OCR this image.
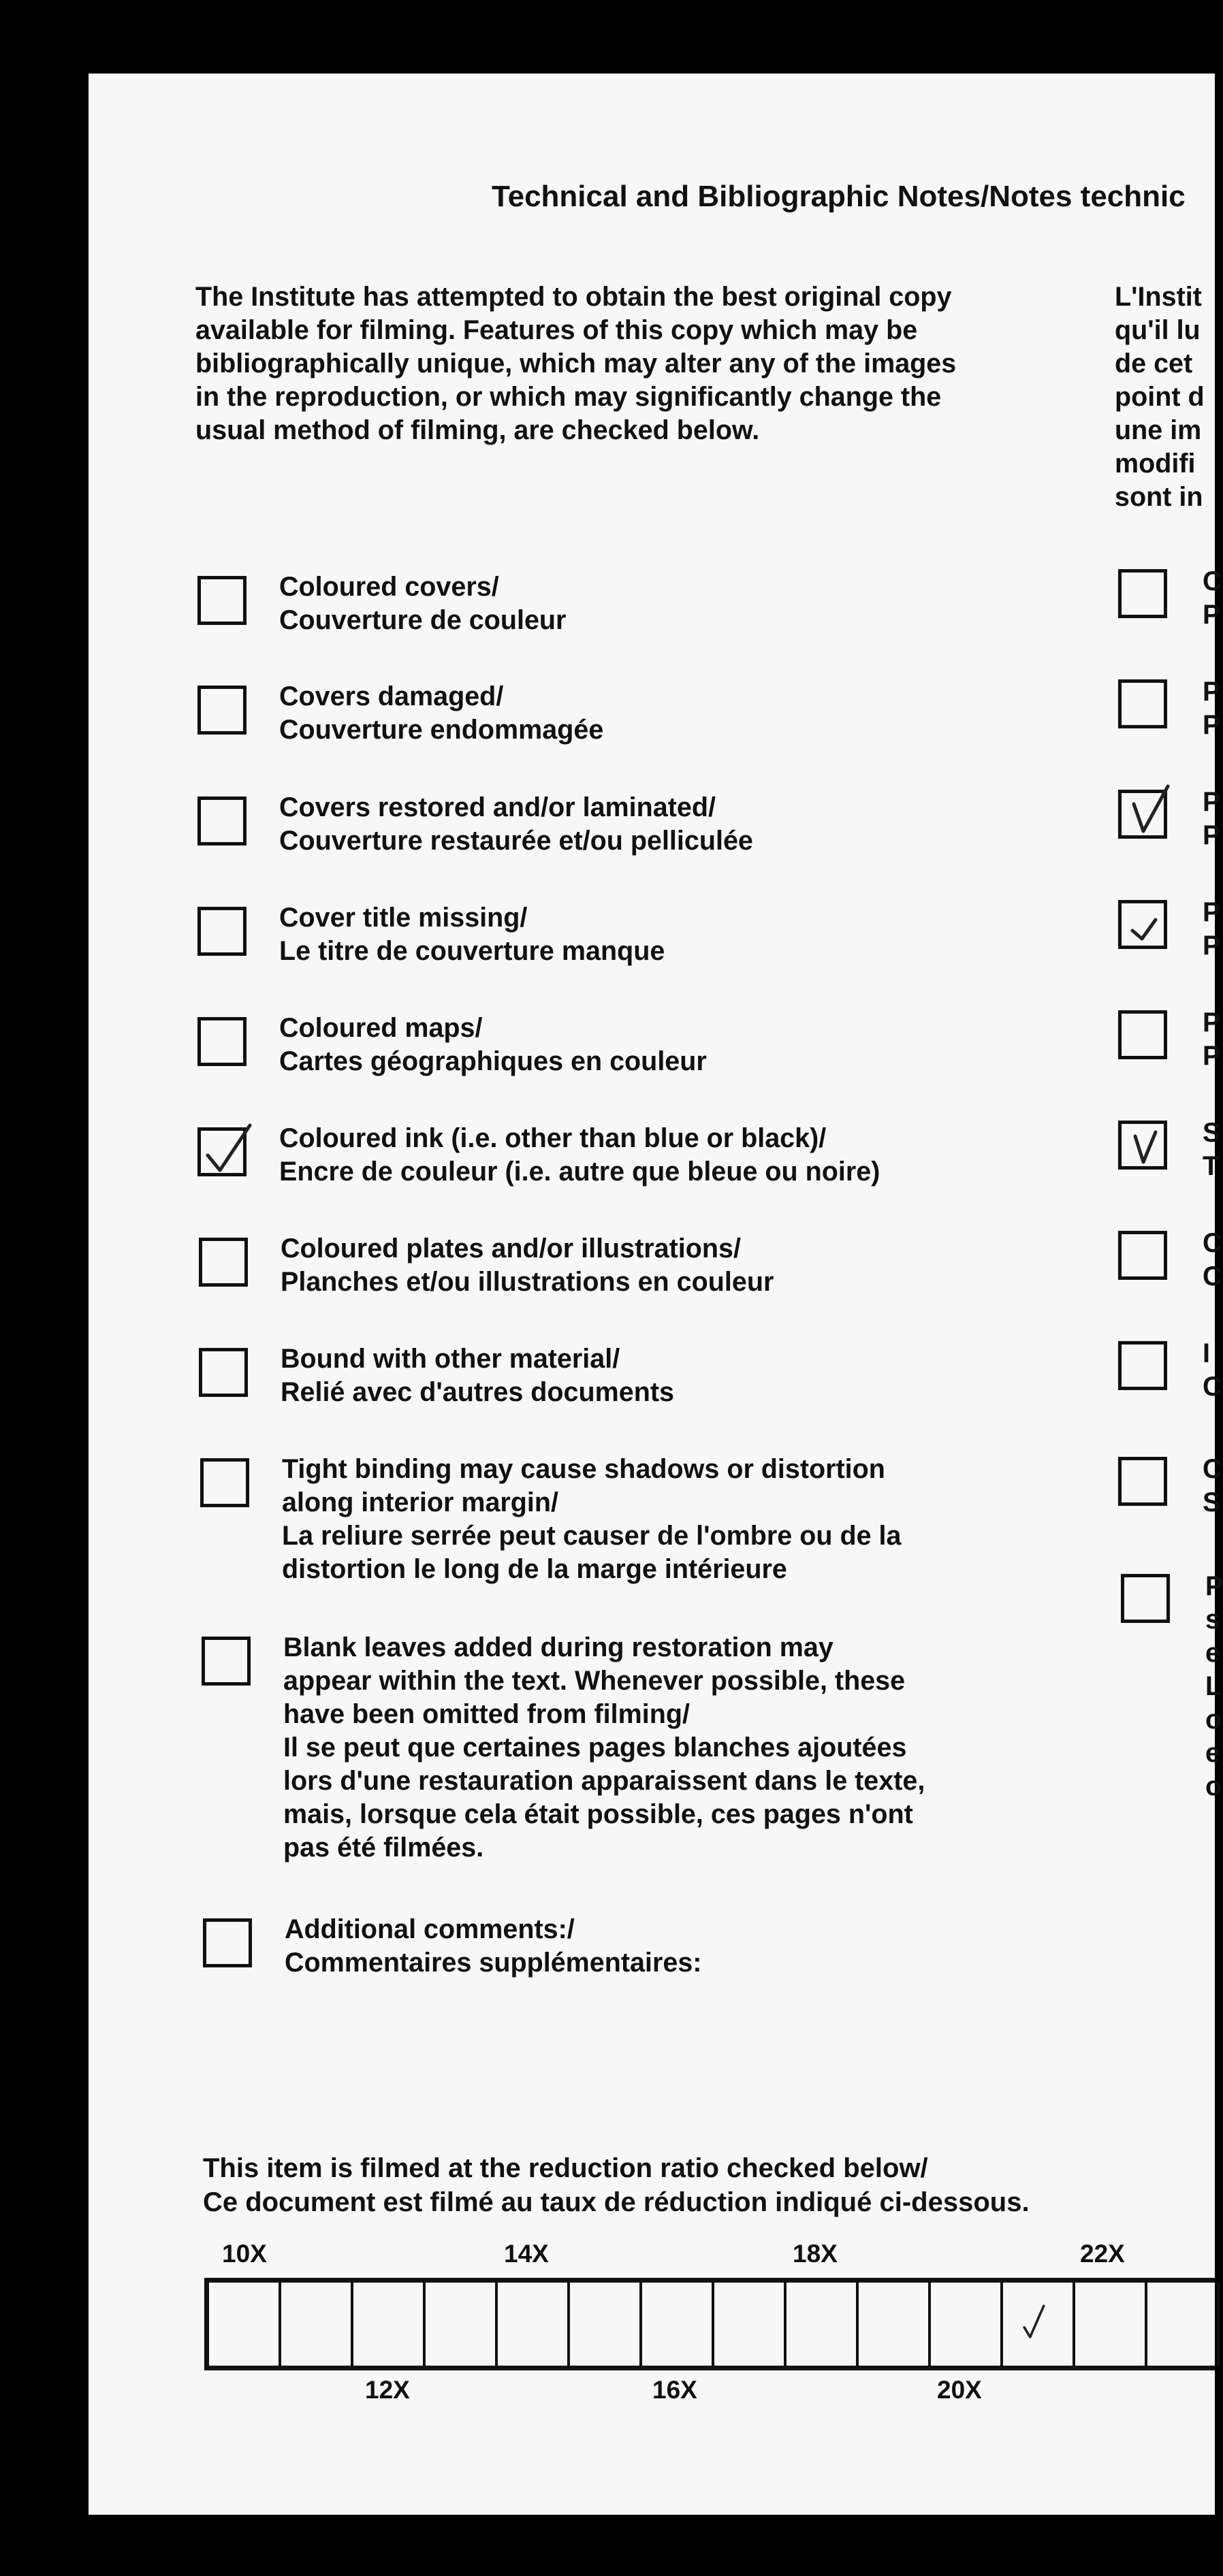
Technical and Bibliographic Notes/Notes technic
The Institute has attempted to obtain the best original copy available for filming. Features of this copy which may be bibliographically unique, which may alter any of the images in the reproduction, or which may significantly change the usual method of filming, are checked below.
L'Instit
qu'il lu
de cet
point d
une im
modifi
sont in
Coloured covers/
Couverture de couleur
Covers damaged/
Couverture endommagée
Covers restored and/or laminated/
Couverture restaurée et/ou pelliculée
Cover title missing/
Le titre de couverture manque
Coloured maps/
Cartes géographiques en couleur
Coloured ink (i.e. other than blue or black)/
Encre de couleur (i.e. autre que bleue ou noire)
Coloured plates and/or illustrations/
Planches et/ou illustrations en couleur
Bound with other material/
Relié avec d'autres documents
Tight binding may cause shadows or distortion
along interior margin/
La reliure serrée peut causer de l'ombre ou de la
distortion le long de la marge intérieure
Blank leaves added during restoration may
appear within the text. Whenever possible, these
have been omitted from filming/
Il se peut que certaines pages blanches ajoutées
lors d'une restauration apparaissent dans le texte,
mais, lorsque cela était possible, ces pages n'ont
pas été filmées.
Additional comments:/
Commentaires supplémentaires:
C
P
P
P
P
P
P
P
P
P
S
T
C
C
I
C
C
S
P
s
e
L
o
e
o
This item is filmed at the reduction ratio checked below/
Ce document est filmé au taux de réduction indiqué ci-dessous.
10X	14X	18X	22X
12X	16X	20X
